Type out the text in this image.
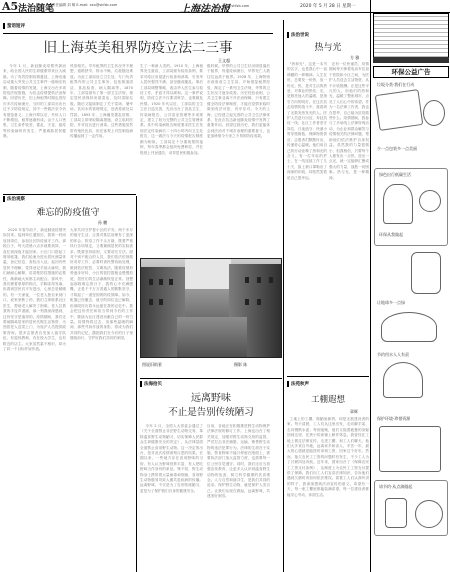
A5 法治随笔
责任编辑 刘 嫣 E-mail: xxx@shfzb.com	上海法治报
www.shfzb.com	2020 年 5 月 28 日 星期一
蜚语短评
王文超
旧上海英美租界防疫立法二三事
今年 1 月，新冠肺炎疫情突袭而来，给全国人民的生命健康带来巨大威胁。为了有效控制疫情蔓延，上海迅速启动重大突发公共卫生事件一级响应机制，随着疫情的发展，上海又出台多项防疫法规措施，为抗击疫情提供法治保障。回望历史，旧上海租界时期也曾经历多次疫病流行，当时的工部局亦出台过不少防疫规定，其中一些做法至今仍有借鉴意义。上海开埠以后，外侨人口不断增加，租界逐渐形成。由于人口密集、卫生条件较差，霍乱、天花、鼠疫等传染病时有发生，严重威胁居民健康。
风俗相关。早年租界的卫生状况并不理想，道路狭窄，排水不畅，垃圾随处堆放。为此工部局设立卫生处，专门负责租界内的公共卫生事务，包括街道清洁、食品检查、病人隔离等。1870 年，工部局颁布了第一部卫生法规，规定居民须保持房屋清洁，及时清除垃圾。随后又陆续制定了关于菜场、屠宰场、饮用水的管理规定，违者将被处以罚款。1893 年，上海爆发霍乱疫情，工部局立即采取隔离措施，设立临时医院，并对疫区进行消毒。这些措施虽然带有殖民色彩，但在客观上对控制疫病传播起到了一定作用。
生了一种新人类的。1910 年，上海租界发生鼠疫，工部局颁布检疫条例，要求对疫区房屋进行检查和消毒，引发华人居民强烈不满，甚至酿成骚乱。事后工部局调整策略，改由华人医生参与检疫工作，矛盾才得以缓和。这一事件说明，防疫立法不仅要讲科学，也要顾及民情。1920 年代以后，工部局的卫生立法日趋完善，先后出台了食品卫生、传染病报告、公共浴室管理等多项规定，建立了较为完整的公共卫生管理体系。其中传染病报告制度要求医生在发现法定传染病后二十四小时内向卫生处报告，这一做法与今天的疫情报告制度颇为相似。工部局还十分重视预防接种，每年春季都会组织免费种痘，并在报纸上刊登通告，劝导居民积极参加。
级时候。华界的公共卫生状况明显落后于租界，每逢疫病流行，华界死亡人数往往远高于租界。1928 年，上海特别市政府成立卫生局，开始借鉴租界经验，制定了一系列卫生法规，华界的卫生状况才逐步改善。历史经验表明，公共卫生事业离不开法治保障，只有建立健全防疫法律制度，才能在疫情来临时做到有法可依、有序应对。今天的上海，已经建立起完善的公共卫生法律体系，在此次抗击新冠肺炎疫情中发挥了重要作用。回望这段历史，我们更能体会到法治对于城市治理的重要意义，也更加珍惜今天来之不易的防疫成果。
法治观察
难忘的防疫值守
孙 鹏
2020 年春节前夕，新冠肺炎疫情突如其来。接到单位通知后，我第一时间返回岗位，参加社区防疫值守工作。那段日子，每天清晨六点多就要到岗，一直忙到深夜才能回家。小区门口搭起了简易帐篷，我们轮流为进出居民测量体温、登记信息、查验出入证。起初有些居民不理解，觉得登记手续太麻烦，我们就耐心解释，讲清楚防控措施的必要性，渐渐地大家都主动配合。寒风中，我们裹着厚厚的棉衣，手脚冻得发麻，但看到居民们平安进出，心里总是暖暖的。有一天深夜，一位老人独自来到门口，说家里断了药，我们立即联系社区医生，帮助老人解决了困难。老人拉着我的手连声道谢，那一刻我深深感到，这份坚守是值得的。疫情期间，我们还帮助隔离居家的居民代购生活物资，为独居老人送菜上门，为返沪人员提供政策咨询。很多志愿者自发加入值守队伍，有退休教师，有在校大学生，也有附近的店主。大家虽然素不相识，却为了同一个目标并肩作战。
大家共同守护着小区的平安。两个多月的值守生活，让我对基层治理有了更深的体会。防疫工作千头万绪，既要严格执行各项规定，又要兼顾居民的实际需求；既要坚持原则，又要讲究方法。面对个别不配合的人员，我们依法依规做好劝导工作，必要时请民警协助处理，做到依法防控、文明执法。随着疫情形势逐步好转，小区的管控措施也慢慢放宽，居民们的生活渐渐恢复正常。回想起那段难忘的日子，我的心中充满感慨。正是千千万万普通人的默默坚守，才筑起了一道坚固的防疫屏障。如今，帐篷已经撤去，值守的岗位也已解除，但那段经历将永远留在我的记忆中。我会把这份责任和担当带到今后的工作中，继续为社区建设贡献自己的一份力量。疫情终将过去，但那些温暖的瞬间、那些并肩作战的身影，将成为我们共同的记忆，激励我们在今后的日子里继续前行，守护好我们共同的家园。
图说旧街景	摄影 陈
法海拾贝
远离野味
不止是告别传统陋习
今年 2 月，全国人大常委会通过了《关于全面禁止非法野生动物交易、革除滥食野生动物陋习、切实保障人民群众生命健康安全的决定》，从法律层面全面禁止食用野生动物。这一决定的出台，是对此次疫情深刻反思的结果。长期以来，一些地方存在食用野味的习俗，有人认为野味营养丰富，有人把吃野味当作身份的象征。殊不知，野生动物身上携带着大量病毒和细菌，食用野生动物极易导致人畜共患疾病的传播。远离野味，不仅是为了告别传统陋习，更是为了保护我们自身的健康安全。
目前，各地正在积极推进野生动物保护法律法规的修订工作。上海也出台了相关规定，加强对野生动物交易的监管，严厉打击非法捕猎、运输、销售野生动物的违法犯罪行为。法律的生命在于实施，禁食野味不能只停留在纸面上，需要执法部门加大监管力度，也需要每一位公民自觉遵守。同时，我们还应当加强宣传教育，让更多人认识到滥食野生动物的危害，树立科学健康的饮食观念。人与自然和谐共生，是我们共同的追求。保护野生动物，就是保护人类自己。让我们从现在做起，远离野味，共建美好家园。
法治世说
热与光
方 雅
"热和光"，这是一本书的名字，也是我心中一直珍藏的一种精神。人生在世，总要发一份热，放一份光。热，是对生活的热爱，对事业的热忱；光，是照亮他人的温暖，是指引方向的明灯。在这次抗击疫情的战斗中，我看到了无数发热发光的人。医护人员逆行出征，奔赴抗疫一线；社区工作者坚守岗位，日夜值守；快递小哥穿梭街巷，保障物资供应；志愿者们默默付出，传递爱心温暖。他们用自己的行动诠释了热和光的含义。有一位年轻的护士，在一线连续工作了几十天，脸上被口罩勒出了深深的印痕，却依然笑着说自己很幸运。
还有一位快递员，疫情期间每天骑着电动车往返于医院和小区之间，为医护人员送去生活物资，从不计较报酬。正是这些平凡的人，用他们的热和光，温暖了整座城市，点亮了人们心中的希望。作为一名法律工作者，我也在思考，自己能为抗疫做些什么。疫情期间，我参与了多场线上法律咨询活动，为企业和群众解答与疫情相关的法律问题，帮助他们依法维护自身权益。虽然我的力量很微小，但我相信，只要每个人都发出一点热，放出一点光，就一定能够汇聚成强大的力量，战胜一切困难。热与光，是一种精神。
法苑秋声
工棚遐想
章辉
工地上的工棚，简陋而拥挤，却是无数建设者的家。每天清晨，工人们从这里出发，走向脚手架、走向钢筋水泥；每到夜晚，他们又拖着疲惫的身躯回到这里，在狭小的床铺上稍作休息。我曾经在工地上做过法律宣传，走进工棚，和工人们聊天。他们大多来自外地，远离家乡和亲人，辛苦一年，最大的心愿就是能按时拿到工资，回家过个好年。然而，拖欠农民工工资的问题时有发生，不少工人为了讨薪四处奔波。近年来，国家出台了《保障农民工工资支付条例》，从制度上为农民工工资支付提供了保障。我们向工人们宣讲法律知识，告诉他们遇到欠薪时该如何依法维权。看着工人们认真听讲的样子，我深深感到法治宣传的意义。希望有一天，每一座工棚里都能装满希望，每一位建设者都能安心劳动、体面生活。
环保公益广告
垃圾分类·我们在行动
少一点包装多一点美丽
绿色出行低碳生活
环保从我做起
让地球多一点绿
节约用水人人有责
保护环境·珍惜资源
请节约·从点滴做起
